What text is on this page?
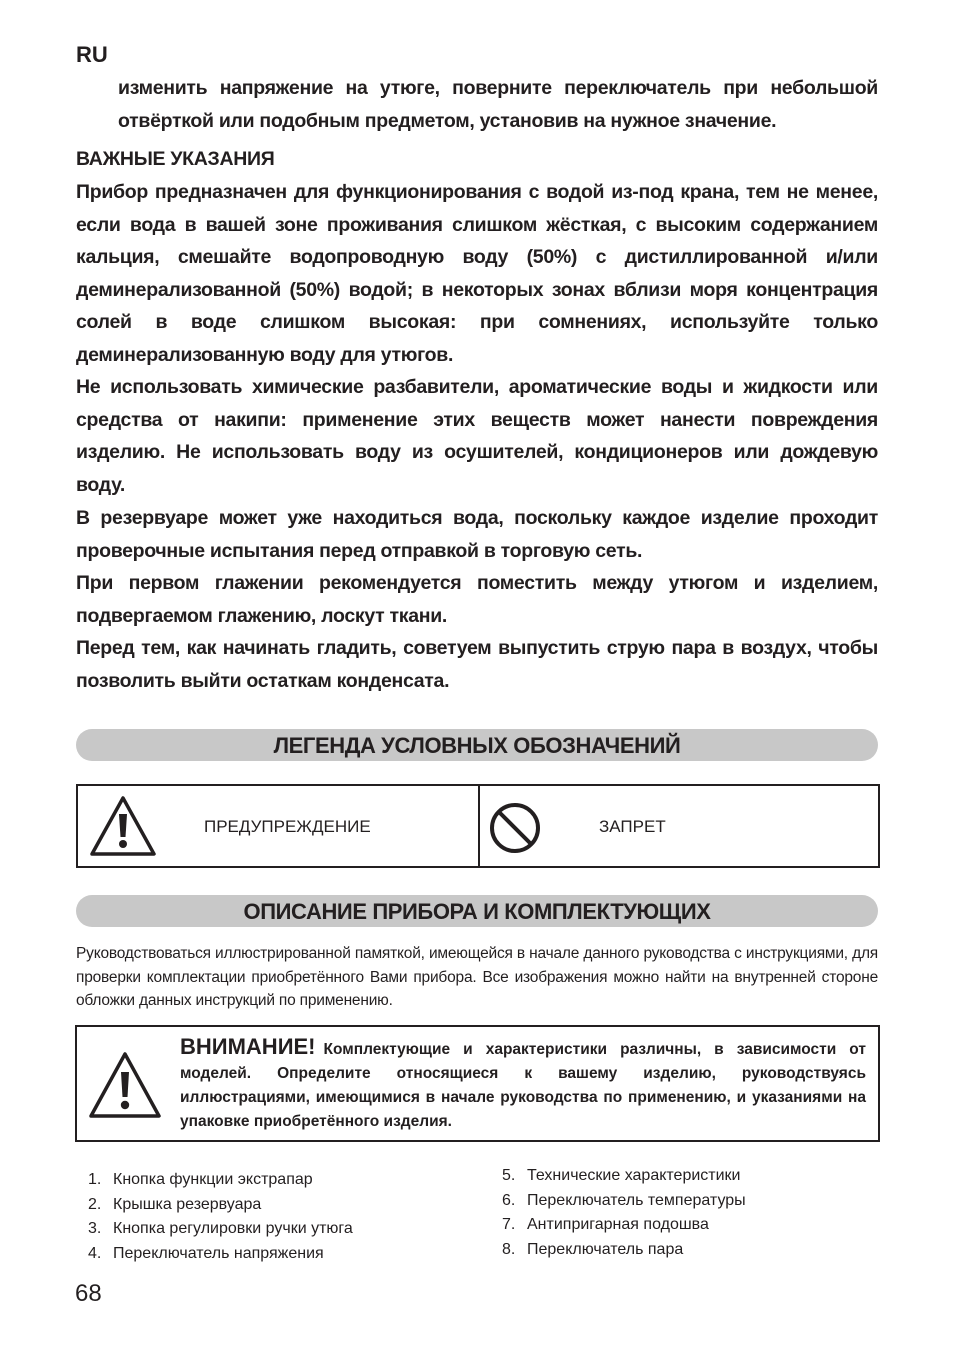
RU
изменить напряжение на утюге, поверните переключатель при небольшой отвёрткой или подобным предметом, установив на нужное значение.
ВАЖНЫЕ УКАЗАНИЯ
Прибор предназначен для функционирования с водой из-под крана, тем не менее, если вода в вашей зоне проживания слишком жёсткая, с высоким содержанием кальция, смешайте водопроводную воду (50%) с дистиллированной и/или деминерализованной (50%) водой; в некоторых зонах вблизи моря концентрация солей в воде слишком высокая: при сомнениях, используйте только деминерализованную воду для утюгов.
Не использовать химические разбавители, ароматические воды и жидкости или средства от накипи: применение этих веществ может нанести повреждения изделию. Не использовать воду из осушителей, кондиционеров или дождевую воду.
В резервуаре может уже находиться вода, поскольку каждое изделие проходит проверочные испытания перед отправкой в торговую сеть.
При первом глажении рекомендуется поместить между утюгом и изделием, подвергаемом глажению, лоскут ткани.
Перед тем, как начинать гладить, советуем выпустить струю пара в воздух, чтобы позволить выйти остаткам конденсата.
ЛЕГЕНДА УСЛОВНЫХ ОБОЗНАЧЕНИЙ
ПРЕДУПРЕЖДЕНИЕ	ЗАПРЕТ
ОПИСАНИЕ ПРИБОРА И КОМПЛЕКТУЮЩИХ
Руководствоваться иллюстрированной памяткой, имеющейся в начале данного руководства с инструкциями, для проверки комплектации приобретённого Вами прибора. Все изображения можно найти на внутренней стороне обложки данных инструкций по применению.
ВНИМАНИЕ! Комплектующие и характеристики различны, в зависимости от моделей. Определите относящиеся к вашему изделию, руководствуясь иллюстрациями, имеющимися в начале руководства по применению, и указаниями на упаковке приобретённого изделия.
1. Кнопка функции экстрапар
2. Крышка резервуара
3. Кнопка регулировки ручки утюга
4. Переключатель напряжения
5. Технические характеристики
6. Переключатель температуры
7. Антипригарная подошва
8. Переключатель пара
68
